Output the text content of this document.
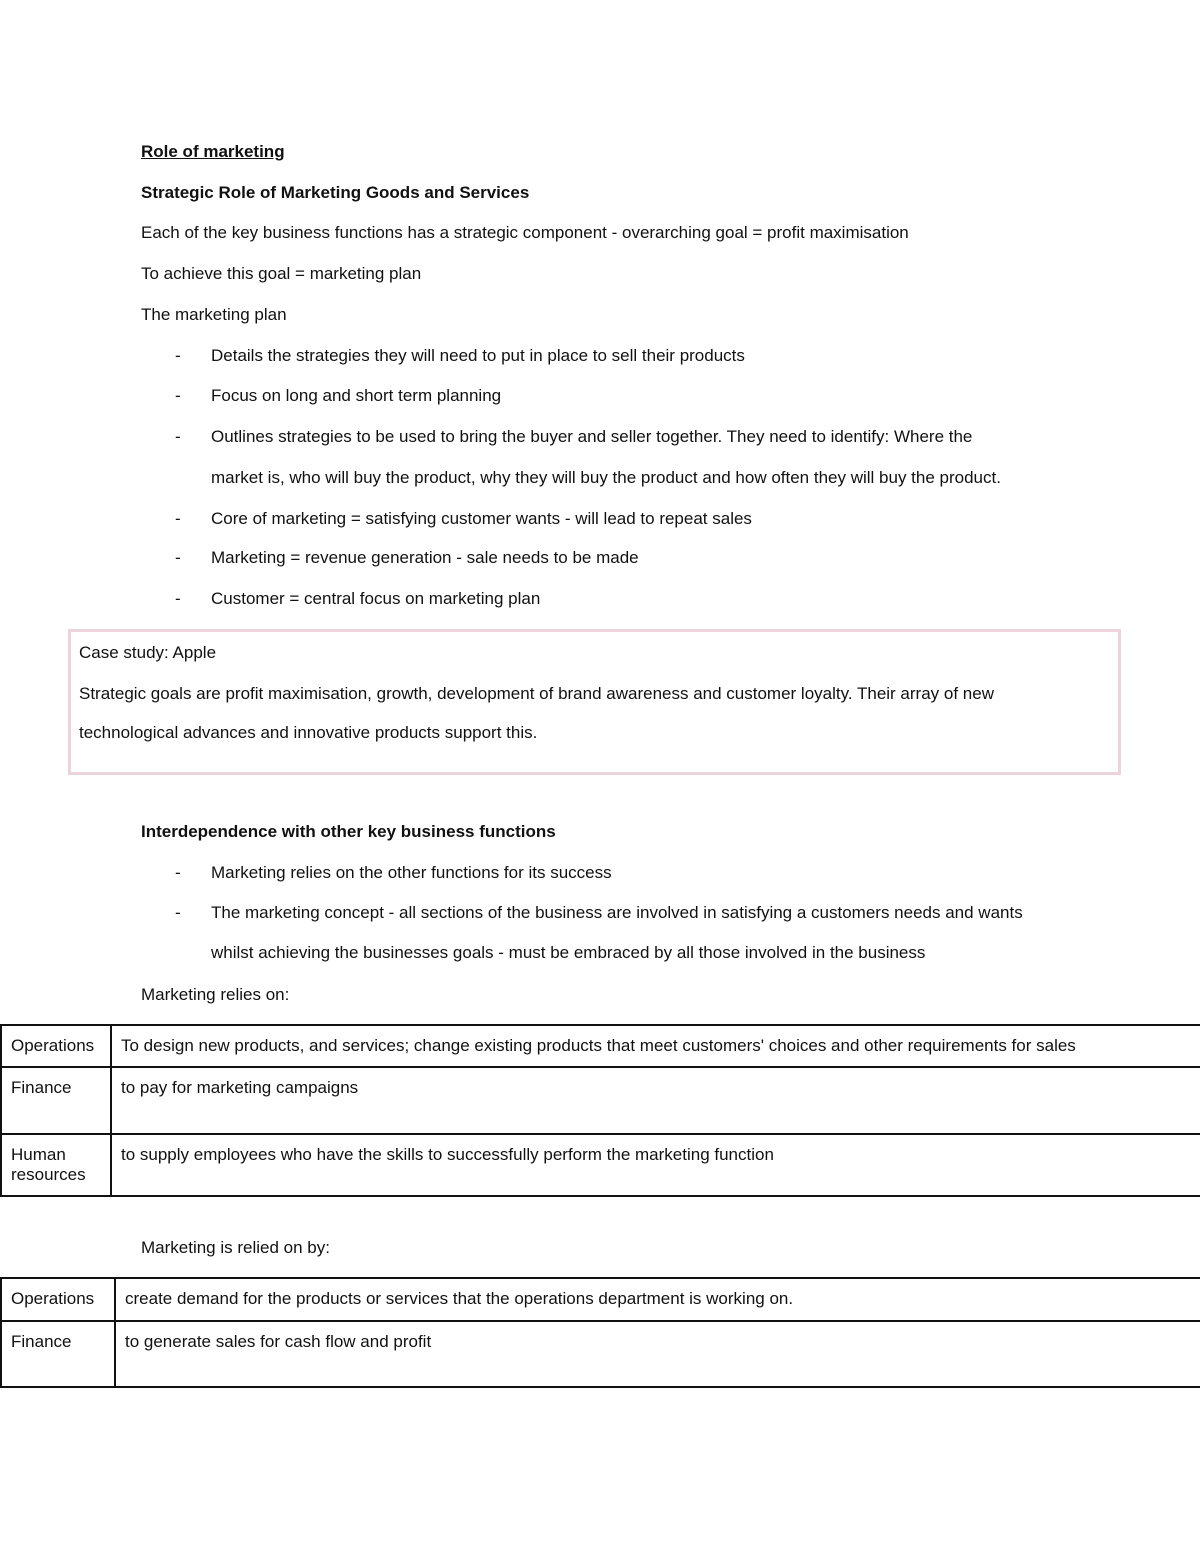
Role of marketing
Strategic Role of Marketing Goods and Services
Each of the key business functions has a strategic component - overarching goal = profit maximisation
To achieve this goal = marketing plan
The marketing plan
- Details the strategies they will need to put in place to sell their products
- Focus on long and short term planning
- Outlines strategies to be used to bring the buyer and seller together. They need to identify: Where the
market is, who will buy the product, why they will buy the product and how often they will buy the product.
- Core of marketing = satisfying customer wants - will lead to repeat sales
- Marketing = revenue generation - sale needs to be made
- Customer = central focus on marketing plan
Case study: Apple
Strategic goals are profit maximisation, growth, development of brand awareness and customer loyalty. Their array of new
technological advances and innovative products support this.
Interdependence with other key business functions
- Marketing relies on the other functions for its success
- The marketing concept - all sections of the business are involved in satisfying a customers needs and wants
whilst achieving the businesses goals - must be embraced by all those involved in the business
Marketing relies on:
Operations	To design new products, and services; change existing products that meet customers' choices and other requirements for sales
Finance	to pay for marketing campaigns
Human resources	to supply employees who have the skills to successfully perform the marketing function
Marketing is relied on by:
Operations	create demand for the products or services that the operations department is working on.
Finance	to generate sales for cash flow and profit
